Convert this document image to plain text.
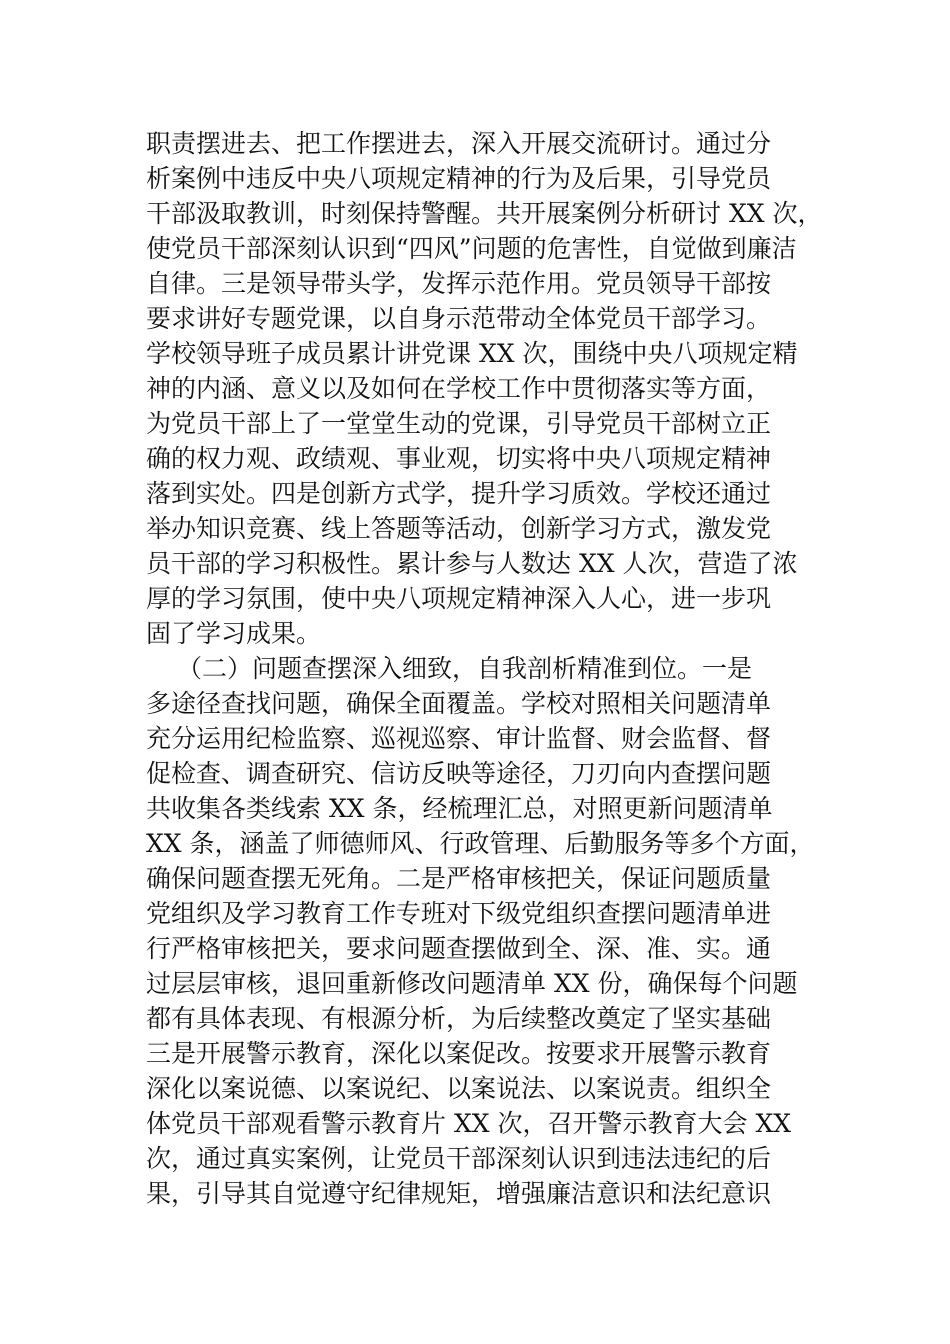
职责摆进去、把工作摆进去，深入开展交流研讨。通过分
析案例中违反中央八项规定精神的行为及后果，引导党员
干部汲取教训，时刻保持警醒。共开展案例分析研讨 XX 次，
使党员干部深刻认识到“四风”问题的危害性，自觉做到廉洁
自律。三是领导带头学，发挥示范作用。党员领导干部按
要求讲好专题党课，以自身示范带动全体党员干部学习。
学校领导班子成员累计讲党课 XX 次，围绕中央八项规定精
神的内涵、意义以及如何在学校工作中贯彻落实等方面，
为党员干部上了一堂堂生动的党课，引导党员干部树立正
确的权力观、政绩观、事业观，切实将中央八项规定精神
落到实处。四是创新方式学，提升学习质效。学校还通过
举办知识竞赛、线上答题等活动，创新学习方式，激发党
员干部的学习积极性。累计参与人数达 XX 人次，营造了浓
厚的学习氛围，使中央八项规定精神深入人心，进一步巩
固了学习成果。
（二）问题查摆深入细致，自我剖析精准到位。一是
多途径查找问题，确保全面覆盖。学校对照相关问题清单
充分运用纪检监察、巡视巡察、审计监督、财会监督、督
促检查、调查研究、信访反映等途径，刀刃向内查摆问题
共收集各类线索 XX 条，经梳理汇总，对照更新问题清单
XX 条，涵盖了师德师风、行政管理、后勤服务等多个方面，
确保问题查摆无死角。二是严格审核把关，保证问题质量
党组织及学习教育工作专班对下级党组织查摆问题清单进
行严格审核把关，要求问题查摆做到全、深、准、实。通
过层层审核，退回重新修改问题清单 XX 份，确保每个问题
都有具体表现、有根源分析，为后续整改奠定了坚实基础
三是开展警示教育，深化以案促改。按要求开展警示教育
深化以案说德、以案说纪、以案说法、以案说责。组织全
体党员干部观看警示教育片 XX 次，召开警示教育大会 XX
次，通过真实案例，让党员干部深刻认识到违法违纪的后
果，引导其自觉遵守纪律规矩，增强廉洁意识和法纪意识
